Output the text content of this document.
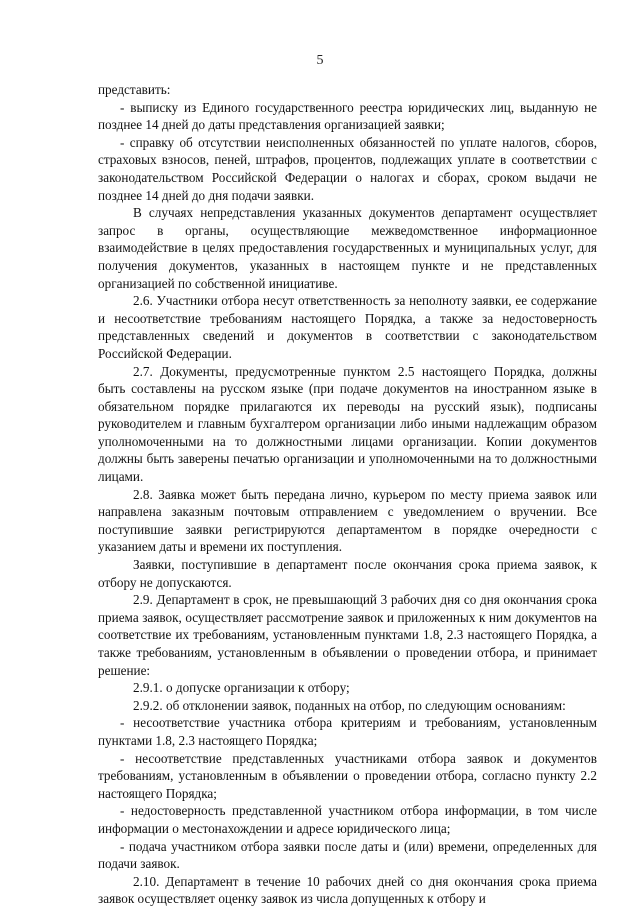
5

представить:

- выписку из Единого государственного реестра юридических лиц, выданную не позднее 14 дней до даты представления организацией заявки;

- справку об отсутствии неисполненных обязанностей по уплате налогов, сборов, страховых взносов, пеней, штрафов, процентов, подлежащих уплате в соответствии с законодательством Российской Федерации о налогах и сборах, сроком выдачи не позднее 14 дней до дня подачи заявки.

В случаях непредставления указанных документов департамент осуществляет запрос в органы, осуществляющие межведомственное информационное взаимодействие в целях предоставления государственных и муниципальных услуг, для получения документов, указанных в настоящем пункте и не представленных организацией по собственной инициативе.

2.6. Участники отбора несут ответственность за неполноту заявки, ее содержание и несоответствие требованиям настоящего Порядка, а также за недостоверность представленных сведений и документов в соответствии с законодательством Российской Федерации.

2.7. Документы, предусмотренные пунктом 2.5 настоящего Порядка, должны быть составлены на русском языке (при подаче документов на иностранном языке в обязательном порядке прилагаются их переводы на русский язык), подписаны руководителем и главным бухгалтером организации либо иными надлежащим образом уполномоченными на то должностными лицами организации. Копии документов должны быть заверены печатью организации и уполномоченными на то должностными лицами.

2.8. Заявка может быть передана лично, курьером по месту приема заявок или направлена заказным почтовым отправлением с уведомлением о вручении. Все поступившие заявки регистрируются департаментом в порядке очередности с указанием даты и времени их поступления.

Заявки, поступившие в департамент после окончания срока приема заявок, к отбору не допускаются.

2.9. Департамент в срок, не превышающий 3 рабочих дня со дня окончания срока приема заявок, осуществляет рассмотрение заявок и приложенных к ним документов на соответствие их требованиям, установленным пунктами 1.8, 2.3 настоящего Порядка, а также требованиям, установленным в объявлении о проведении отбора, и принимает решение:

2.9.1. о допуске организации к отбору;

2.9.2. об отклонении заявок, поданных на отбор, по следующим основаниям:

- несоответствие участника отбора критериям и требованиям, установленным пунктами 1.8, 2.3 настоящего Порядка;

- несоответствие представленных участниками отбора заявок и документов требованиям, установленным в объявлении о проведении отбора, согласно пункту 2.2 настоящего Порядка;

- недостоверность представленной участником отбора информации, в том числе информации о местонахождении и адресе юридического лица;

- подача участником отбора заявки после даты и (или) времени, определенных для подачи заявок.

2.10. Департамент в течение 10 рабочих дней со дня окончания срока приема заявок осуществляет оценку заявок из числа допущенных к отбору и
